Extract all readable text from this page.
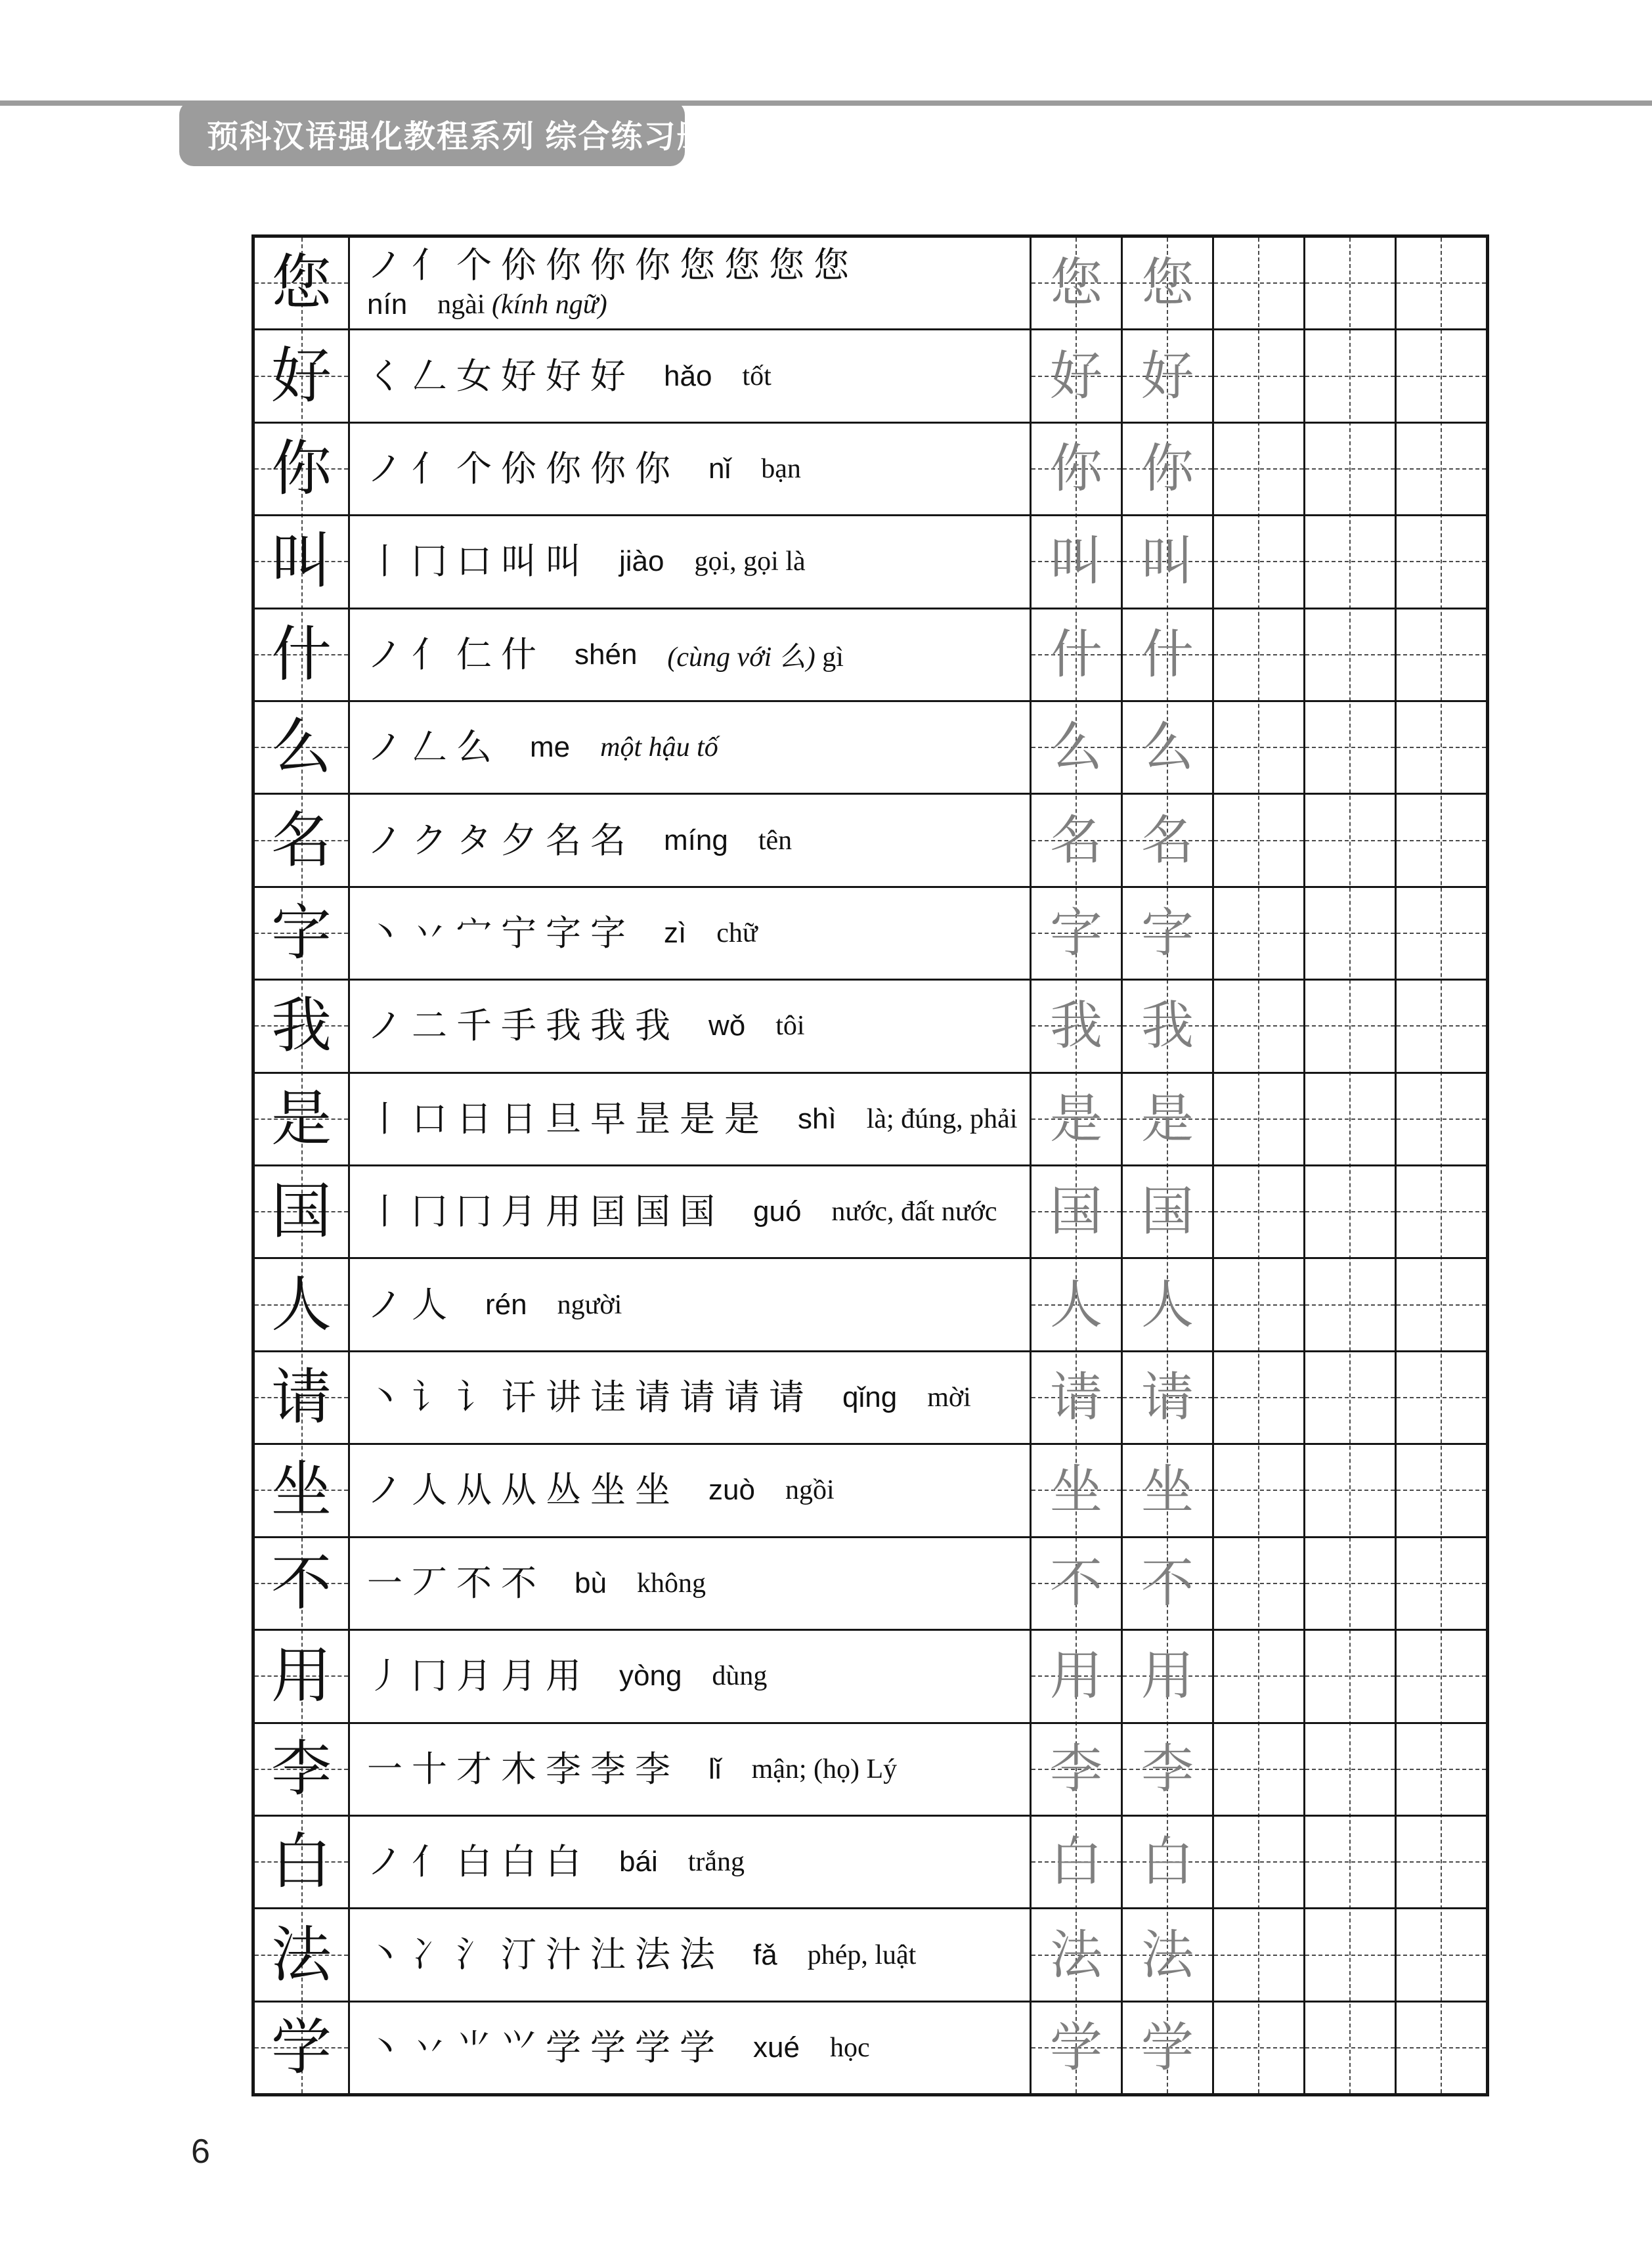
预科汉语强化教程系列 综合练习册 1
您 ノ 亻 个 伱 你 你 你 您 您 您 您
nín ngài (kính ngữ)	您 您
好 く 𠃋 女 好 好 好 hǎo tốt	好 好
你 ノ 亻 个 伱 你 你 你 nǐ bạn	你 你
叫 丨 冂 口 叫 叫 jiào gọi, gọi là	叫 叫
什 ノ 亻 仁 什 shén (cùng với 么) gì	什 什
么 ノ 𠃋 么 me một hậu tố	么 么
名 ノ ク タ 夕 名 名 míng tên	名 名
字 丶 丷 宀 宁 字 字 zì chữ	字 字
我 ノ 二 千 手 我 我 我 wǒ tôi	我 我
是 丨 口 日 日 旦 早 昰 是 是 shì là; đúng, phải 是 是
国 丨 冂 冂 月 用 囯 国 国 guó nước, đất nước 国 国
人 ノ 人 rén người	人 人
请 丶 讠 讠 讦 讲 诖 请 请 请 请 qǐng mời 请 请
坐 ノ 人 从 从 丛 坐 坐 zuò ngồi	坐 坐
不 一 丆 不 不 bù không	不 不
用 丿 冂 月 月 用 yòng dùng	用 用
李 一 十 才 木 李 李 李 lǐ mận; (họ) Lý	李 李
白 ノ 亻 白 白 白 bái trắng	白 白
法 丶 冫 氵 汀 汁 汢 法 法 fǎ phép, luật	法 法
学 丶 丷 ⺌ ⺍ 学 学 学 学 xué học	学 学
6
